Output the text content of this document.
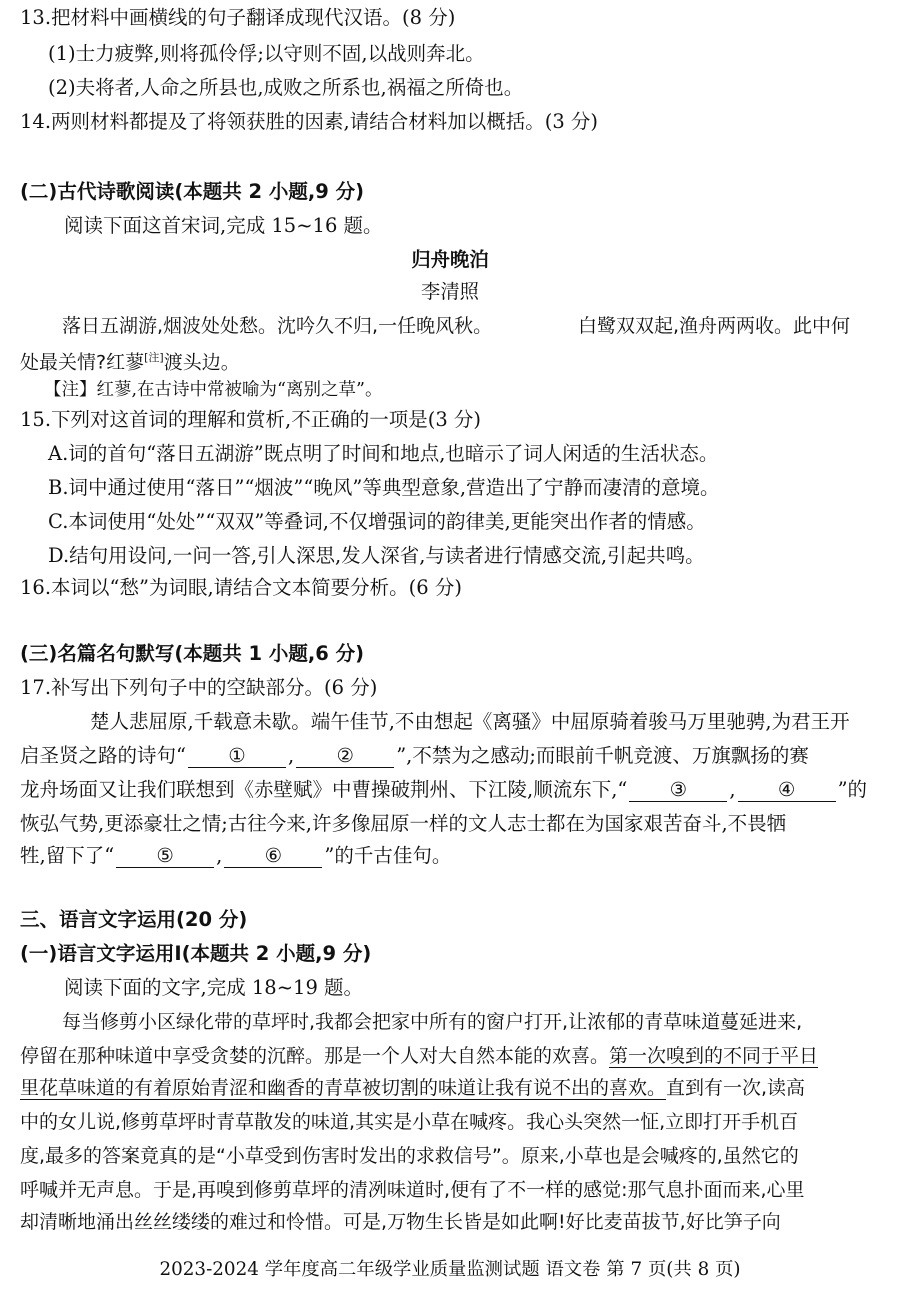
13.把材料中画横线的句子翻译成现代汉语。(8 分)
(1)士力疲弊,则将孤伶俘;以守则不固,以战则奔北。
(2)夫将者,人命之所县也,成败之所系也,祸福之所倚也。
14.两则材料都提及了将领获胜的因素,请结合材料加以概括。(3 分)
(二)古代诗歌阅读(本题共 2 小题,9 分)
阅读下面这首宋词,完成 15~16 题。
归舟晚泊
李清照
落日五湖游,烟波处处愁。沈吟久不归,一任晚风秋。	白鹭双双起,渔舟两两收。此中何
处最关情?红蓼[注]渡头边。
【注】红蓼,在古诗中常被喻为“离别之草”。
15.下列对这首词的理解和赏析,不正确的一项是(3 分)
A.词的首句“落日五湖游”既点明了时间和地点,也暗示了词人闲适的生活状态。
B.词中通过使用“落日”“烟波”“晚风”等典型意象,营造出了宁静而凄清的意境。
C.本词使用“处处”“双双”等叠词,不仅增强词的韵律美,更能突出作者的情感。
D.结句用设问,一问一答,引人深思,发人深省,与读者进行情感交流,引起共鸣。
16.本词以“愁”为词眼,请结合文本简要分析。(6 分)
(三)名篇名句默写(本题共 1 小题,6 分)
17.补写出下列句子中的空缺部分。(6 分)
楚人悲屈原,千载意未歇。端午佳节,不由想起《离骚》中屈原骑着骏马万里驰骋,为君王开
启圣贤之路的诗句“ ① , ② ”,不禁为之感动;而眼前千帆竞渡、万旗飘扬的赛
龙舟场面又让我们联想到《赤壁赋》中曹操破荆州、下江陵,顺流东下,“ ③ , ④ ”的
恢弘气势,更添豪壮之情;古往今来,许多像屈原一样的文人志士都在为国家艰苦奋斗,不畏牺
牲,留下了“ ⑤ , ⑥ ”的千古佳句。
三、语言文字运用(20 分)
(一)语言文字运用Ⅰ(本题共 2 小题,9 分)
阅读下面的文字,完成 18~19 题。
每当修剪小区绿化带的草坪时,我都会把家中所有的窗户打开,让浓郁的青草味道蔓延进来,
停留在那种味道中享受贪婪的沉醉。那是一个人对大自然本能的欢喜。第一次嗅到的不同于平日
里花草味道的有着原始青涩和幽香的青草被切割的味道让我有说不出的喜欢。直到有一次,读高
中的女儿说,修剪草坪时青草散发的味道,其实是小草在喊疼。我心头突然一怔,立即打开手机百
度,最多的答案竟真的是“小草受到伤害时发出的求救信号”。原来,小草也是会喊疼的,虽然它的
呼喊并无声息。于是,再嗅到修剪草坪的清冽味道时,便有了不一样的感觉:那气息扑面而来,心里
却清晰地涌出丝丝缕缕的难过和怜惜。可是,万物生长皆是如此啊!好比麦苗拔节,好比笋子向
2023-2024 学年度高二年级学业质量监测试题 语文卷 第 7 页(共 8 页)
